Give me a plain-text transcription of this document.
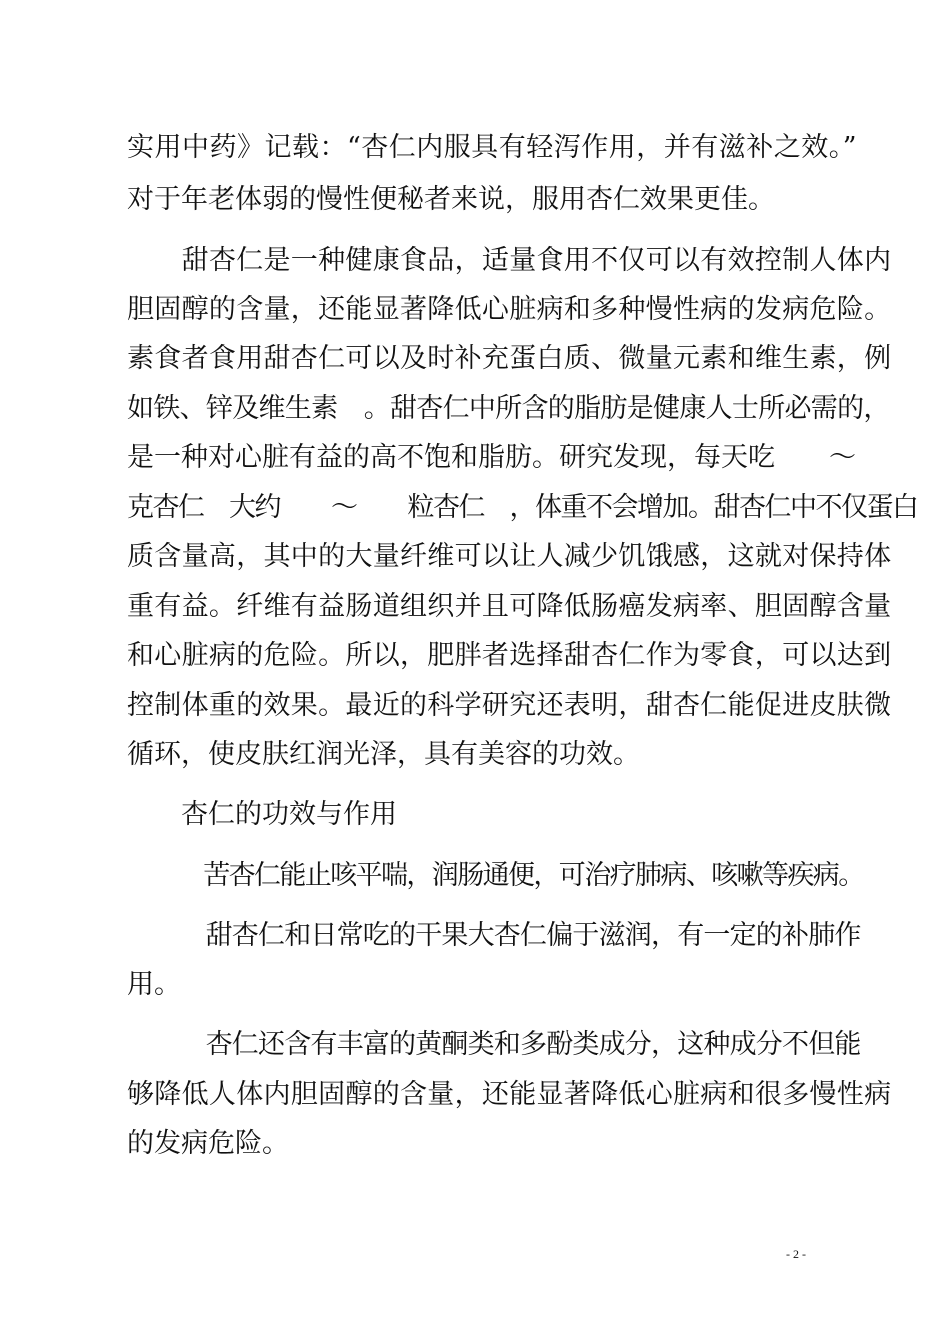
实用中药》记载：“杏仁内服具有轻泻作用，并有滋补之效。”
对于年老体弱的慢性便秘者来说，服用杏仁效果更佳。
　　甜杏仁是一种健康食品，适量食用不仅可以有效控制人体内
胆固醇的含量，还能显著降低心脏病和多种慢性病的发病危险。
素食者食用甜杏仁可以及时补充蛋白质、微量元素和维生素，例
如铁、锌及维生素　。甜杏仁中所含的脂肪是健康人士所必需的，
是一种对心脏有益的高不饱和脂肪。研究发现，每天吃　　～
克杏仁　大约　　～　　粒杏仁　，体重不会增加。甜杏仁中不仅蛋白
质含量高，其中的大量纤维可以让人减少饥饿感，这就对保持体
重有益。纤维有益肠道组织并且可降低肠癌发病率、胆固醇含量
和心脏病的危险。所以，肥胖者选择甜杏仁作为零食，可以达到
控制体重的效果。最近的科学研究还表明，甜杏仁能促进皮肤微
循环，使皮肤红润光泽，具有美容的功效。
　　杏仁的功效与作用
　　　苦杏仁能止咳平喘，润肠通便，可治疗肺病、咳嗽等疾病。
　　　甜杏仁和日常吃的干果大杏仁偏于滋润，有一定的补肺作
用。
　　　杏仁还含有丰富的黄酮类和多酚类成分，这种成分不但能
够降低人体内胆固醇的含量，还能显著降低心脏病和很多慢性病
的发病危险。
- 2 -
